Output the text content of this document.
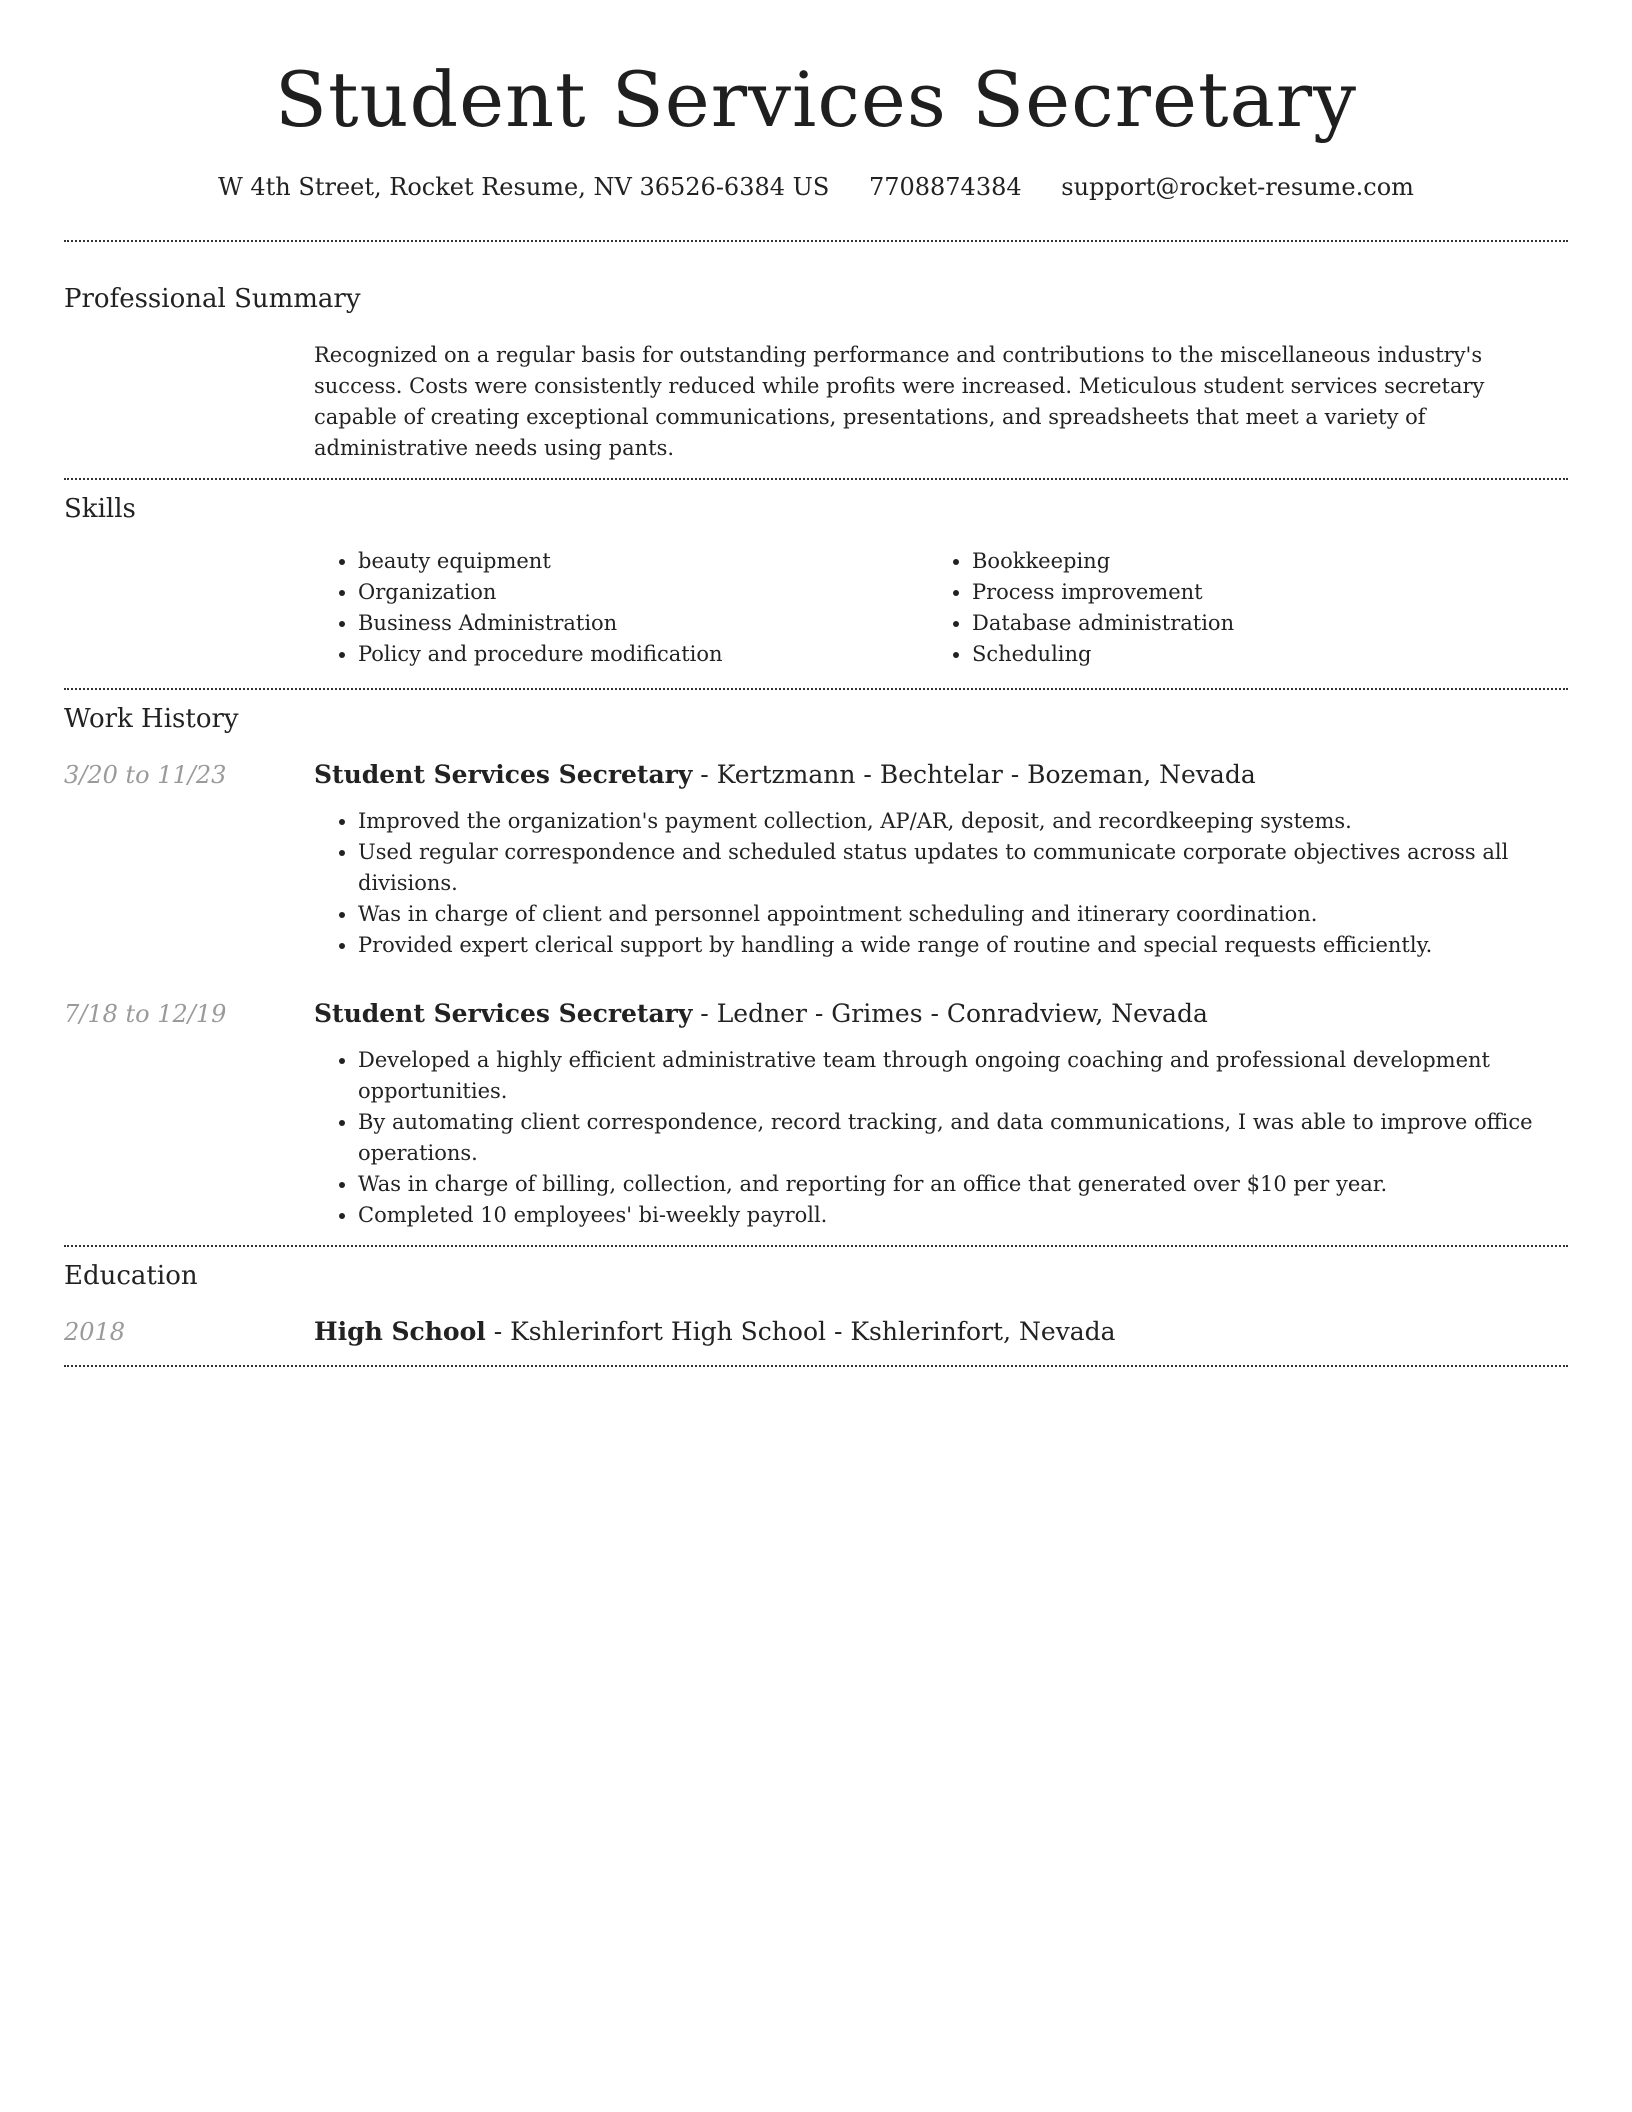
Student Services Secretary
W 4th Street, Rocket Resume, NV 36526-6384 US 7708874384 support@rocket-resume.com
Professional Summary
Recognized on a regular basis for outstanding performance and contributions to the miscellaneous industry's success. Costs were consistently reduced while profits were increased. Meticulous student services secretary capable of creating exceptional communications, presentations, and spreadsheets that meet a variety of administrative needs using pants.
Skills
• beauty equipment
• Organization
• Business Administration
• Policy and procedure modification
• Bookkeeping
• Process improvement
• Database administration
• Scheduling
Work History
3/20 to 11/23	Student Services Secretary - Kertzmann - Bechtelar - Bozeman, Nevada
• Improved the organization's payment collection, AP/AR, deposit, and recordkeeping systems.
• Used regular correspondence and scheduled status updates to communicate corporate objectives across all divisions.
• Was in charge of client and personnel appointment scheduling and itinerary coordination.
• Provided expert clerical support by handling a wide range of routine and special requests efficiently.
7/18 to 12/19	Student Services Secretary - Ledner - Grimes - Conradview, Nevada
• Developed a highly efficient administrative team through ongoing coaching and professional development opportunities.
• By automating client correspondence, record tracking, and data communications, I was able to improve office operations.
• Was in charge of billing, collection, and reporting for an office that generated over $10 per year.
• Completed 10 employees' bi-weekly payroll.
Education
2018	High School - Kshlerinfort High School - Kshlerinfort, Nevada
